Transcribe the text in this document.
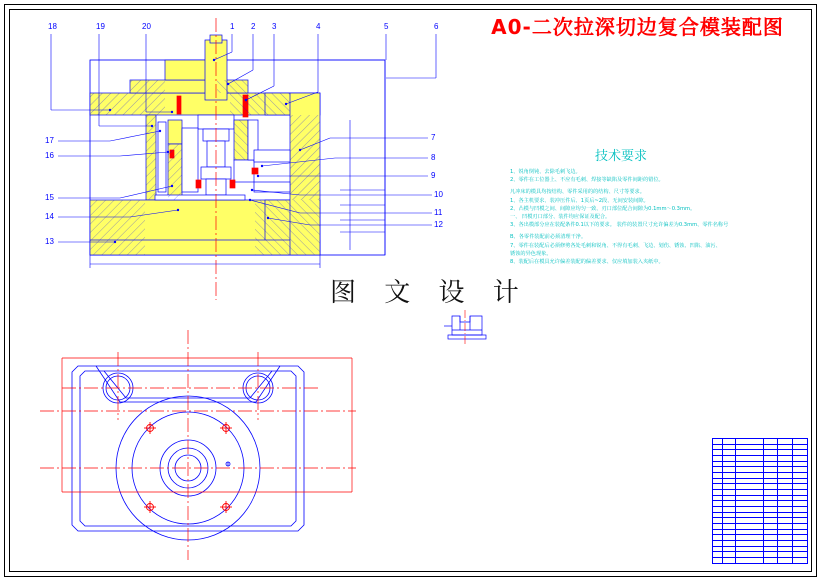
A0-二次拉深切边复合模装配图
18	19	20	1 2 3	4	5	6
17
16
15
14
13
7
8
9
10
11
12
技术要求
1、锐角倒钝、去除毛刺飞边。
2、零件在工位器上、不应有毛刺、焊接等缺陷及零件间距的错位。
凡冲床的模具均按结构、零件采用的的结构、尺寸等要求。
1、各主机要求、装冲压件后、1页后~2段、无间安装间隙。
2、凸模与凹模之间、间隙应均匀一致、刃口部位配合间隙为0.1mm～0.3mm。
一、 凹模刃口部分、装件均应保证及配合。
3、各出模部分应在装配条件0.1以下的要求。 装件的装置尺寸允许偏差为0.3mm、零件名称号
B、各零件装配前必须清理干净。
7、零件在装配后必须修剪各处毛刺和锐角、不得有毛刺、飞边、划伤、锈蚀、凹陷、油污、
锈蚀的异色现象。
8、装配后在模具允许偏差装配的偏差要求、仅应填加装入夹纸中。
图 文 设 计
